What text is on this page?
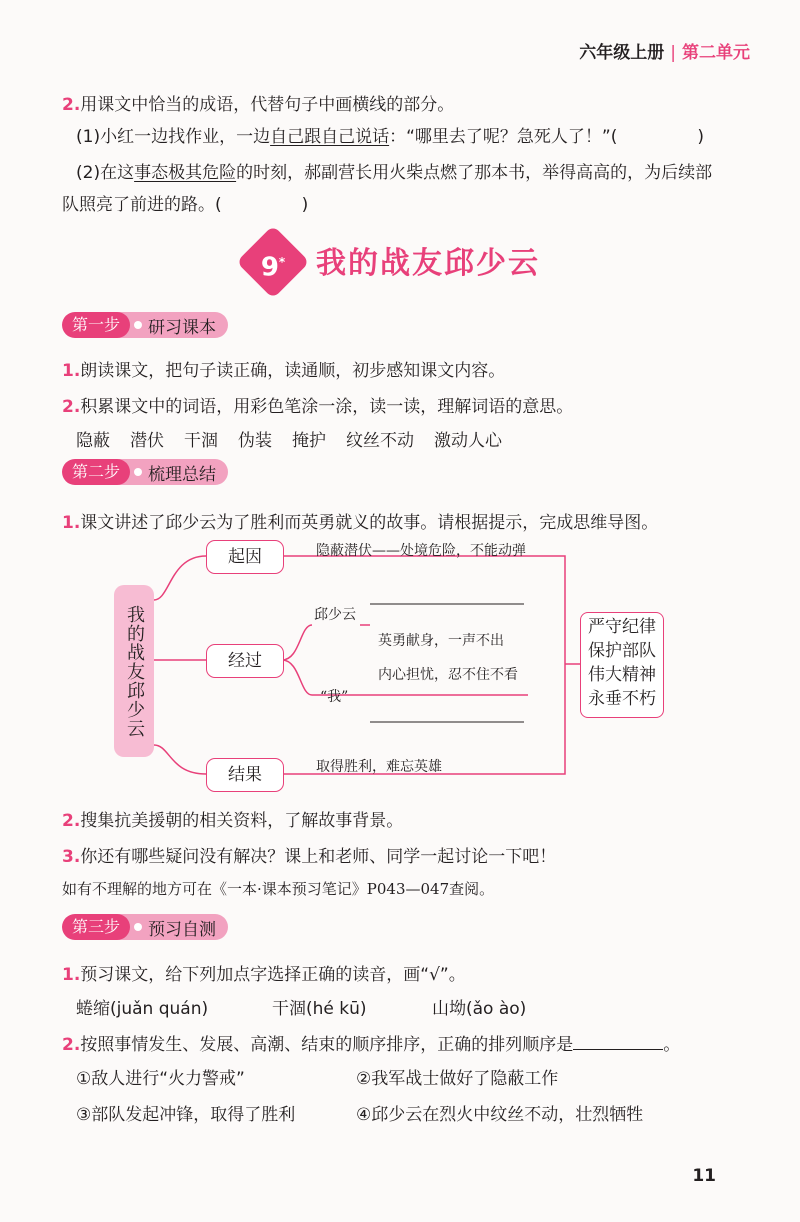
六年级上册 | 第二单元
2.用课文中恰当的成语，代替句子中画横线的部分。
(1)小红一边找作业，一边自己跟自己说话：“哪里去了呢？急死人了！”(	)
(2)在这事态极其危险的时刻，郝副营长用火柴点燃了那本书，举得高高的，为后续部
队照亮了前进的路。(	)
9*	我的战友邱少云
第一步	研习课本
1.朗读课文，把句子读正确，读通顺，初步感知课文内容。
2.积累课文中的词语，用彩色笔涂一涂，读一读，理解词语的意思。
隐蔽 潜伏 干涸 伪装 掩护 纹丝不动 激动人心
第二步	梳理总结
1.课文讲述了邱少云为了胜利而英勇就义的故事。请根据提示，完成思维导图。
我的战友邱少云
起因
经过
结果
隐蔽潜伏——处境危险，不能动弹
邱少云
英勇献身，一声不出
内心担忧，忍不住不看
“我”
取得胜利，难忘英雄
严守纪律
保护部队
伟大精神
永垂不朽
2.搜集抗美援朝的相关资料，了解故事背景。
3.你还有哪些疑问没有解决？课上和老师、同学一起讨论一下吧！
如有不理解的地方可在《一本·课本预习笔记》P043—047查阅。
第三步	预习自测
1.预习课文，给下列加点字选择正确的读音，画“√”。
蜷缩(juǎn quán)	干涸(hé kū)	山坳(ǎo ào)
2.按照事情发生、发展、高潮、结束的顺序排序，正确的排列顺序是	。
①敌人进行“火力警戒”	②我军战士做好了隐蔽工作
③部队发起冲锋，取得了胜利	④邱少云在烈火中纹丝不动，壮烈牺牲
11
